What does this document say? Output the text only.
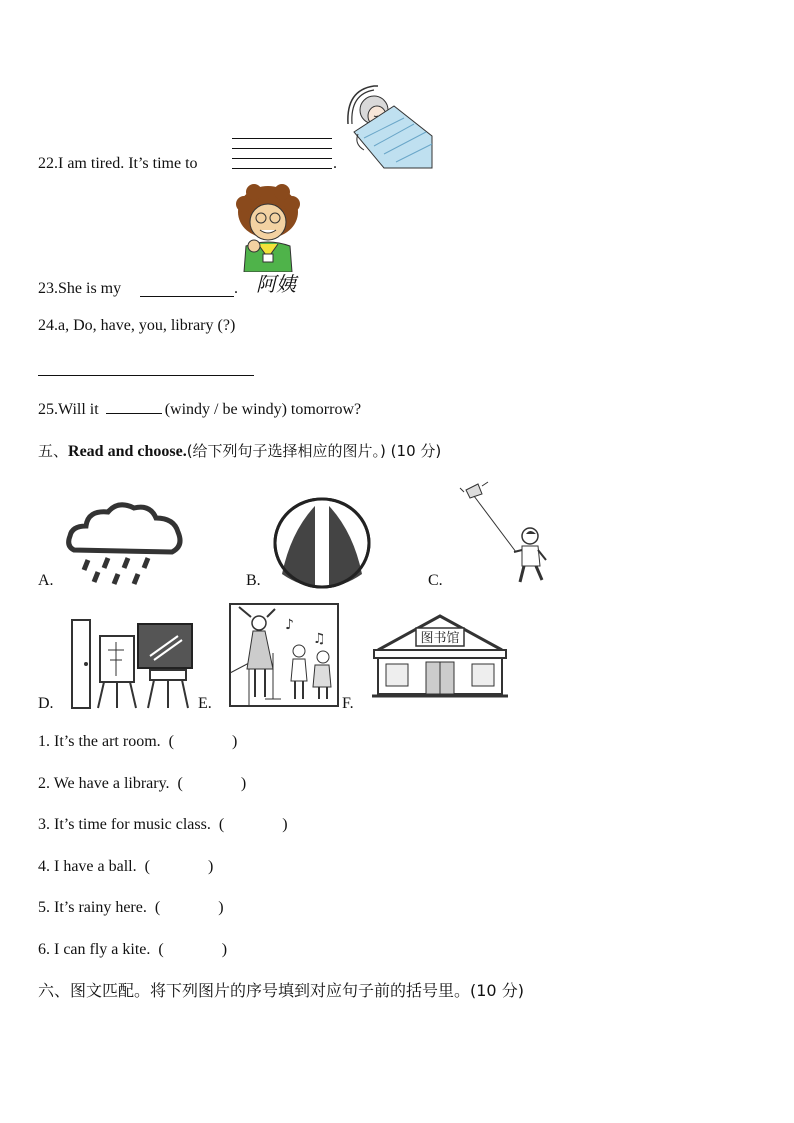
22.I am tired. It’s time to	.
23.She is my	. 阿姨
24.a, Do, have, you, library (?)
25.Will it	(windy / be windy) tomorrow?
五、Read and choose.(给下列句子选择相应的图片。) (10 分)
A.	B.	C.
D.	E.
♪
♫
F.
图书馆
1. It’s the art room. (	)
2. We have a library. (	)
3. It’s time for music class. (	)
4. I have a ball. (	)
5. It’s rainy here. (	)
6. I can fly a kite. (	)
六、图文匹配。将下列图片的序号填到对应句子前的括号里。(10 分)
